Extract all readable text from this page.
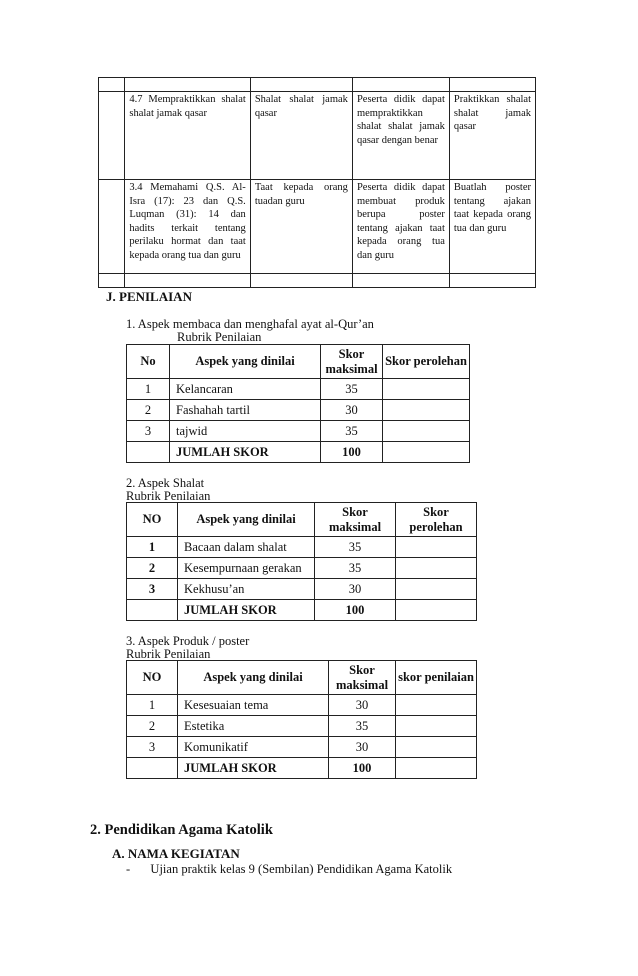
	4.7 Mempraktikkan shalat shalat jamak qasar	Shalat shalat jamak qasar	Peserta didik dapat mempraktikkan shalat shalat jamak qasar dengan benar	Praktikkan shalat shalat jamak qasar
	3.4 Memahami Q.S. Al- Isra (17): 23 dan Q.S. Luqman (31): 14 dan hadits terkait tentang perilaku hormat dan taat kepada orang tua dan guru	Taat kepada orang tuadan guru	Peserta didik dapat membuat produk berupa poster tentang ajakan taat kepada orang tua dan guru	Buatlah poster tentang ajakan taat kepada orang tua dan guru

J. PENILAIAN
1. Aspek membaca dan menghafal ayat al-Qur’an
Rubrik Penilaian
No	Aspek yang dinilai	Skor maksimal	Skor perolehan
1	Kelancaran	35	
2	Fashahah tartil	30	
3	tajwid	35	
	JUMLAH SKOR	100	
2. Aspek Shalat
Rubrik Penilaian
NO	Aspek yang dinilai	Skor maksimal	Skor perolehan
1	Bacaan dalam shalat	35	
2	Kesempurnaan gerakan	35	
3	Kekhusu’an	30	
	JUMLAH SKOR	100	
3. Aspek Produk / poster
Rubrik Penilaian
NO	Aspek yang dinilai	Skor maksimal	skor penilaian
1	Kesesuaian tema	30	
2	Estetika	35	
3	Komunikatif	30	
	JUMLAH SKOR	100	
2. Pendidikan Agama Katolik
A. NAMA KEGIATAN
- Ujian praktik kelas 9 (Sembilan) Pendidikan Agama Katolik
